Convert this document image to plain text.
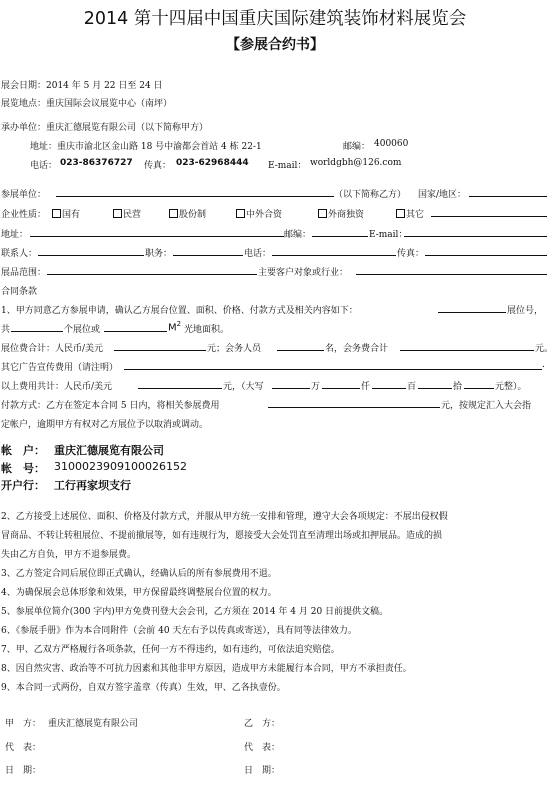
2014 第十四届中国重庆国际建筑装饰材料展览会
【参展合约书】
展会日期：2014 年 5 月 22 日至 24 日
展览地点：重庆国际会议展览中心（南坪）
承办单位：重庆汇德展览有限公司（以下简称甲方）
地址：重庆市渝北区金山路 18 号中渝都会首站 4 栋 22-1	邮编： 400060
电话： 023-86376727 传真： 023-62968444 E-mail： worldgbh@126.com
参展单位：	（以下简称乙方） 国家/地区：
企业性质：	国有	民营	股份制	中外合资	外商独资	其它
地址：	邮编：	E-mail：
联系人：	职务：	电话：	传真：
展品范围：	主要客户对象或行业：
合同条款
1、甲方同意乙方参展申请，确认乙方展台位置、面积、价格、付款方式及相关内容如下：	展位号，
共	个展位或	$M^2$
光地面积。
展位费合计：人民币/美元	元；会务人员	名，会务费合计	元。
其它广告宣传费用（请注明）	.
以上费用共计：人民币/美元	元，（大写	万	仟	百	拾	元整）。
付款方式：乙方在签定本合同 5 日内，将相关参展费用	元，按规定汇入大会指
定帐户，逾期甲方有权对乙方展位予以取消或调动。
帐　户： 重庆汇德展览有限公司
帐　号： 310002390910002615​2
开户行： 工行再家坝支行
2、乙方接受上述展位、面积、价格及付款方式，并服从甲方统一安排和管理，遵守大会各项规定：不展出侵权假
冒商品、不转让转租展位、不提前撤展等，如有违规行为，愿接受大会处罚直至清理出场或扣押展品。造成的损
失由乙方自负，甲方不退参展费。
3、乙方签定合同后展位即正式确认，经确认后的所有参展费用不退。
4、为确保展会总体形象和效果，甲方保留最终调整展台位置的权力。
5、参展单位简介(300 字内)甲方免费刊登大会会刊，乙方须在 2014 年 4 月 20 日前提供文稿。
6、《参展手册》作为本合同附件（会前 40 天左右予以传真或寄送），具有同等法律效力。
7、甲、乙双方严格履行各项条款，任何一方不得违约，如有违约，可依法追究赔偿。
8、因自然灾害、政治等不可抗力因素和其他非甲方原因，造成甲方未能履行本合同，甲方不承担责任。
9、本合同一式两份，自双方签字盖章（传真）生效，甲、乙各执壹份。
甲　方： 重庆汇德展览有限公司	乙　方：
代　表：	代　表：
日　期：	日　期：
